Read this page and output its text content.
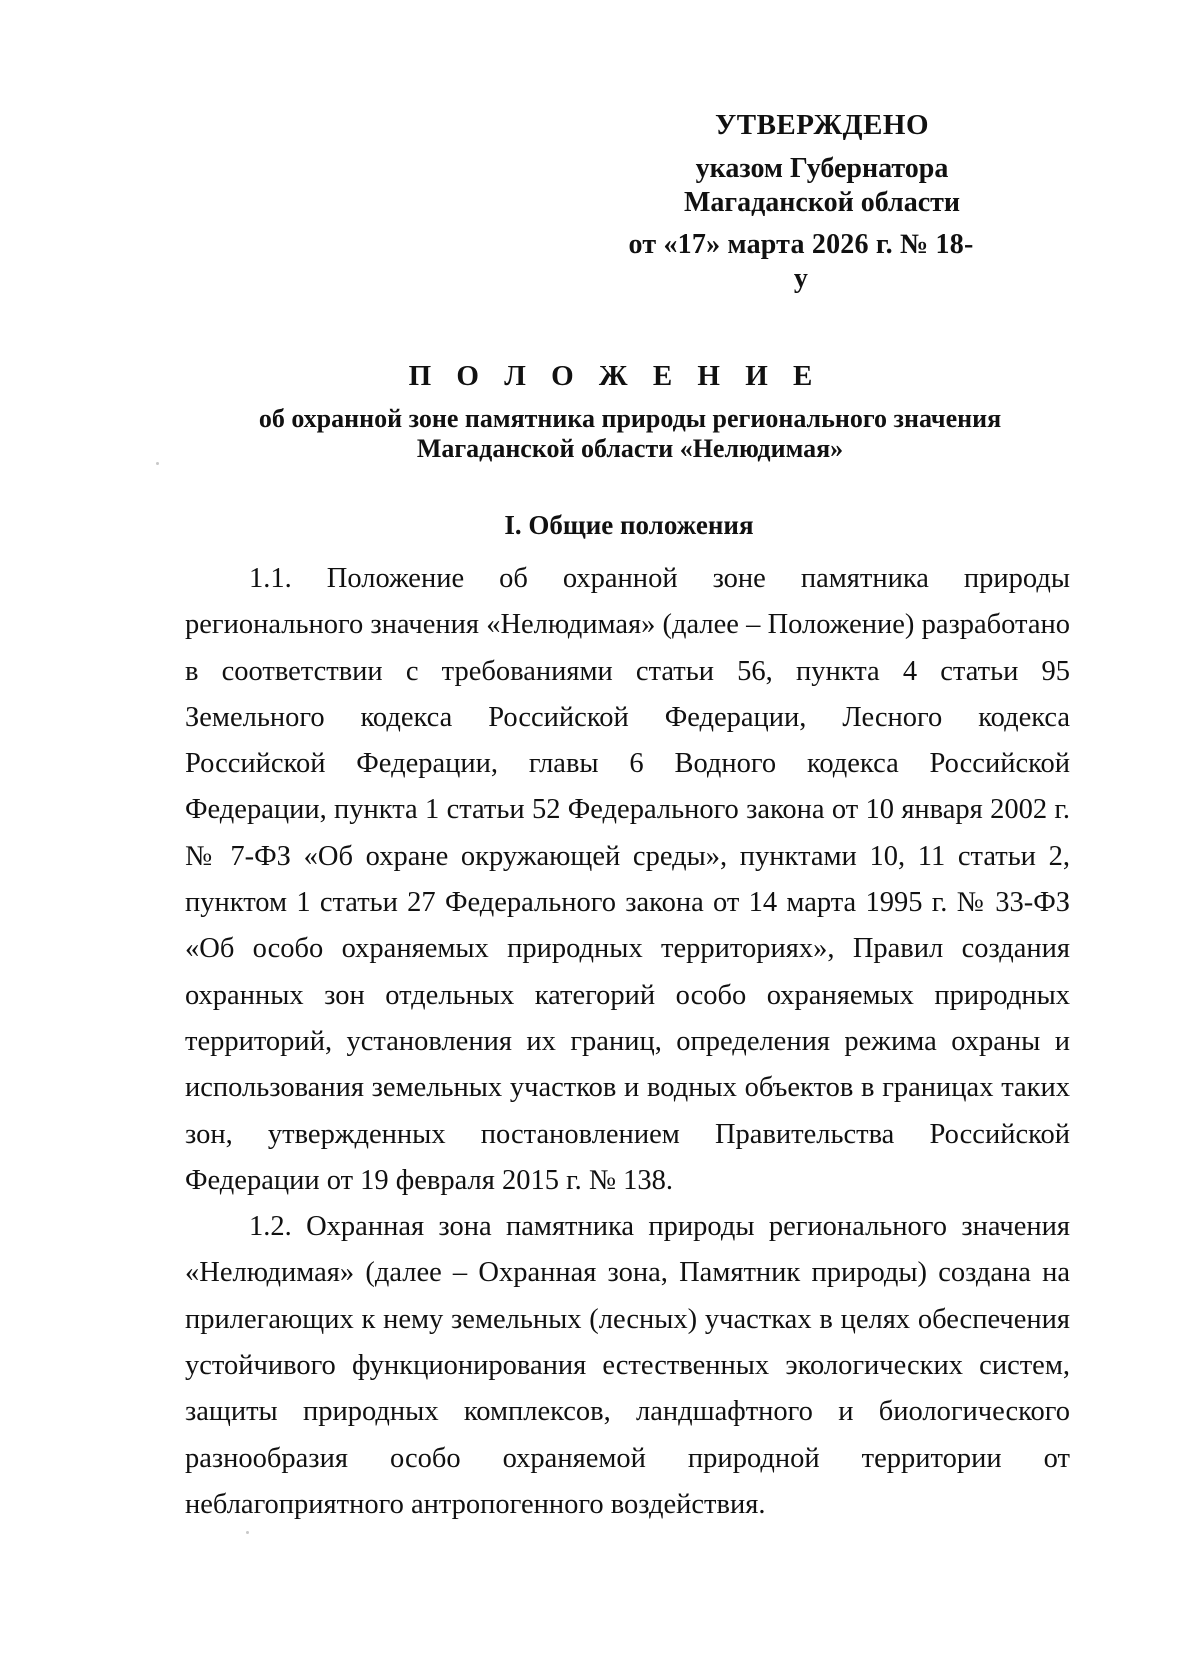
УТВЕРЖДЕНО
указом Губернатора
Магаданской области
от «17» марта 2026 г. № 18-у
П О Л О Ж Е Н И Е
об охранной зоне памятника природы регионального значения
Магаданской области «Нелюдимая»
I. Общие положения

1.1. Положение об охранной зоне памятника природы регионального значения «Нелюдимая» (далее – Положение) разработано в соответствии с требованиями статьи 56, пункта 4 статьи 95 Земельного кодекса Российской Федерации, Лесного кодекса Российской Федерации, главы 6 Водного кодекса Российской Федерации, пункта 1 статьи 52 Федерального закона от 10 января 2002 г. № 7-ФЗ «Об охране окружающей среды», пунктами 10, 11 статьи 2, пунктом 1 статьи 27 Федерального закона от 14 марта 1995 г. № 33-ФЗ «Об особо охраняемых природных территориях», Правил создания охранных зон отдельных категорий особо охраняемых природных территорий, установления их границ, определения режима охраны и использования земельных участков и водных объектов в границах таких зон, утвержденных постановлением Правительства Российской Федерации от 19 февраля 2015 г. № 138.

1.2. Охранная зона памятника природы регионального значения «Нелюдимая» (далее – Охранная зона, Памятник природы) создана на прилегающих к нему земельных (лесных) участках в целях обеспечения устойчивого функционирования естественных экологических систем, защиты природных комплексов, ландшафтного и биологического разнообразия особо охраняемой природной территории от неблагоприятного антропогенного воздействия.
